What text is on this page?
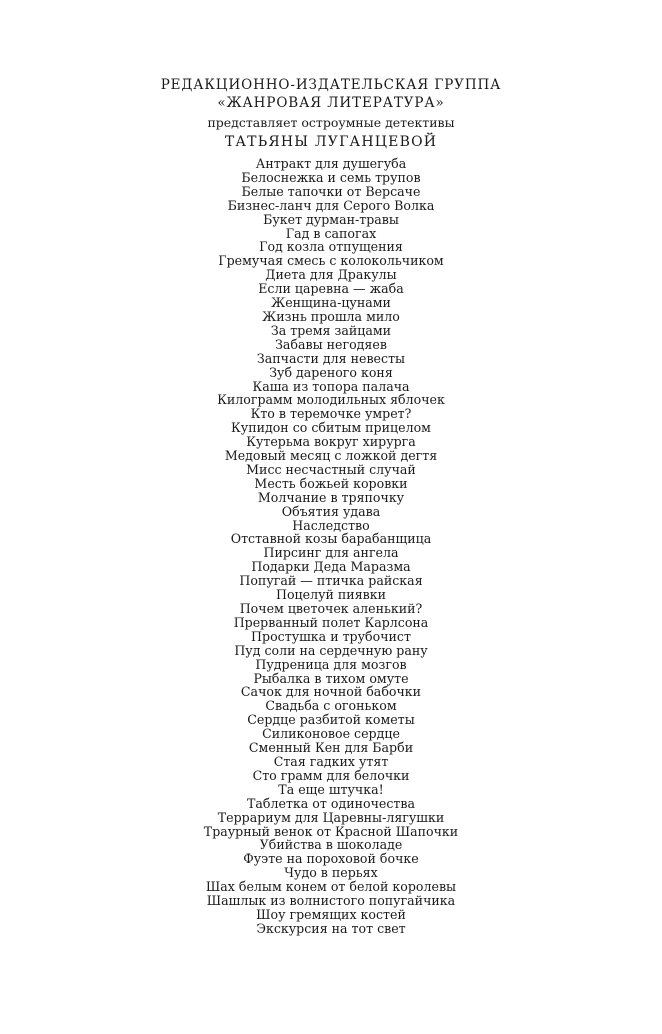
РЕДАКЦИОННО-ИЗДАТЕЛЬСКАЯ ГРУППА
«ЖАНРОВАЯ ЛИТЕРАТУРА»
представляет остроумные детективы
ТАТЬЯНЫ ЛУГАНЦЕВОЙ
Антракт для душегуба
Белоснежка и семь трупов
Белые тапочки от Версаче
Бизнес-ланч для Серого Волка
Букет дурман-травы
Гад в сапогах
Год козла отпущения
Гремучая смесь с колокольчиком
Диета для Дракулы
Если царевна — жаба
Женщина-цунами
Жизнь прошла мило
За тремя зайцами
Забавы негодяев
Запчасти для невесты
Зуб дареного коня
Каша из топора палача
Килограмм молодильных яблочек
Кто в теремочке умрет?
Купидон со сбитым прицелом
Кутерьма вокруг хирурга
Медовый месяц с ложкой дегтя
Мисс несчастный случай
Месть божьей коровки
Молчание в тряпочку
Объятия удава
Наследство
Отставной козы барабанщица
Пирсинг для ангела
Подарки Деда Маразма
Попугай — птичка райская
Поцелуй пиявки
Почем цветочек аленький?
Прерванный полет Карлсона
Простушка и трубочист
Пуд соли на сердечную рану
Пудреница для мозгов
Рыбалка в тихом омуте
Сачок для ночной бабочки
Свадьба с огоньком
Сердце разбитой кометы
Силиконовое сердце
Сменный Кен для Барби
Стая гадких утят
Сто грамм для белочки
Та еще штучка!
Таблетка от одиночества
Террариум для Царевны-лягушки
Траурный венок от Красной Шапочки
Убийства в шоколаде
Фуэте на пороховой бочке
Чудо в перьях
Шах белым конем от белой королевы
Шашлык из волнистого попугайчика
Шоу гремящих костей
Экскурсия на тот свет
